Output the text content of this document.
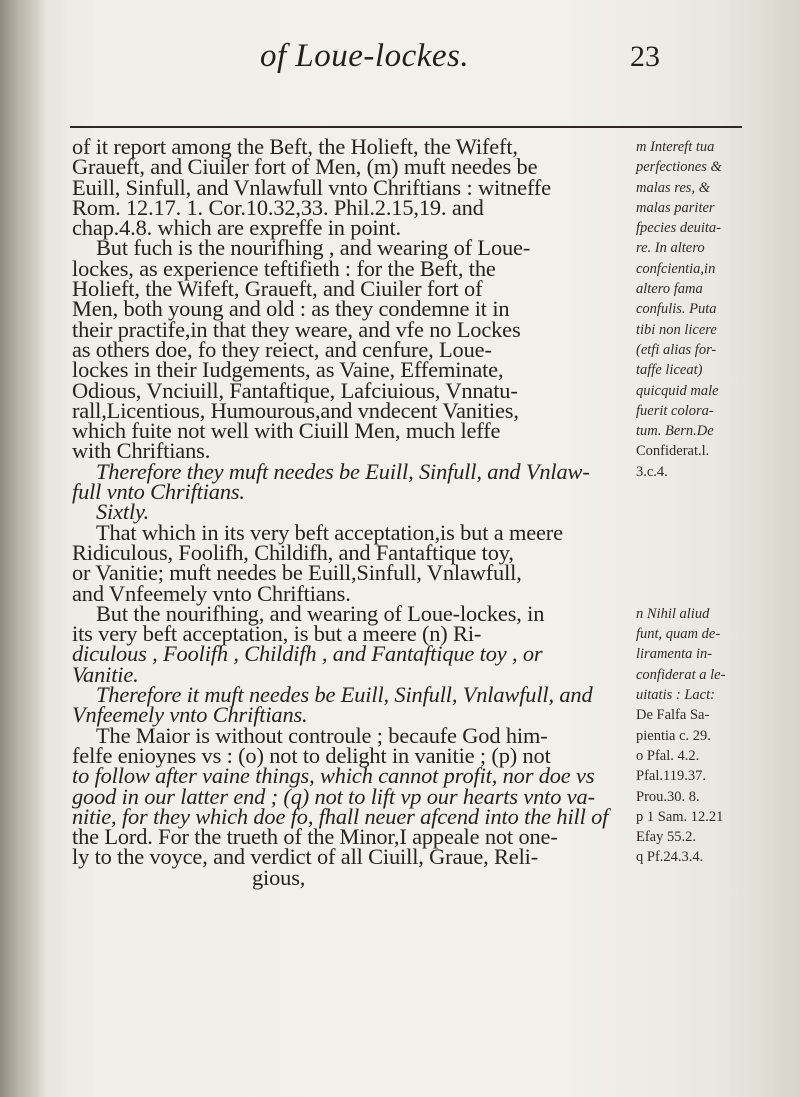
of Loue-lockes.	23
of it report among the Beft, the Holieft, the Wifeft,
Graueft, and Ciuiler fort of Men, (m) muft needes be
Euill, Sinfull, and Vnlawfull vnto Chriftians : witneffe
Rom. 12.17. 1. Cor.10.32,33. Phil.2.15,19. and
chap.4.8. which are expreffe in point.
But fuch is the nourifhing , and wearing of Loue-
lockes, as experience teftifieth : for the Beft, the
Holieft, the Wifeft, Graueft, and Ciuiler fort of
Men, both young and old : as they condemne it in
their practife,in that they weare, and vfe no Lockes
as others doe, fo they reiect, and cenfure, Loue-
lockes in their Iudgements, as Vaine, Effeminate,
Odious, Vnciuill, Fantaftique, Lafciuious, Vnnatu-
rall,Licentious, Humourous,and vndecent Vanities,
which fuite not well with Ciuill Men, much leffe
with Chriftians.
Therefore they muft needes be Euill, Sinfull, and Vnlaw-
full vnto Chriftians.
Sixtly.
That which in its very beft acceptation,is but a meere
Ridiculous, Foolifh, Childifh, and Fantaftique toy,
or Vanitie; muft needes be Euill,Sinfull, Vnlawfull,
and Vnfeemely vnto Chriftians.
But the nourifhing, and wearing of Loue-lockes, in
its very beft acceptation, is but a meere (n) Ri-
diculous , Foolifh , Childifh , and Fantaftique toy , or
Vanitie.
Therefore it muft needes be Euill, Sinfull, Vnlawfull, and
Vnfeemely vnto Chriftians.
The Maior is without controule ; becaufe God him-
felfe enioynes vs : (o) not to delight in vanitie ; (p) not
to follow after vaine things, which cannot profit, nor doe vs
good in our latter end ; (q) not to lift vp our hearts vnto va-
nitie, for they which doe fo, fhall neuer afcend into the hill of
the Lord. For the trueth of the Minor,I appeale not one-
ly to the voyce, and verdict of all Ciuill, Graue, Reli-
gious,
m Intereft tua
perfectiones &
malas res, &
malas pariter
fpecies deuita-
re. In altero
confcientia,in
altero fama
confulis. Puta
tibi non licere
(etfi alias for-
taffe liceat)
quicquid male
fuerit colora-
tum. Bern.De
Confiderat.l.
3.c.4.
n Nihil aliud
funt, quam de-
liramenta in-
confiderat a le-
uitatis : Lact:
De Falfa Sa-
pientia c. 29.
o Pfal. 4.2.
Pfal.119.37.
Prou.30. 8.
p 1 Sam. 12.21
Efay 55.2.
q Pf.24.3.4.
